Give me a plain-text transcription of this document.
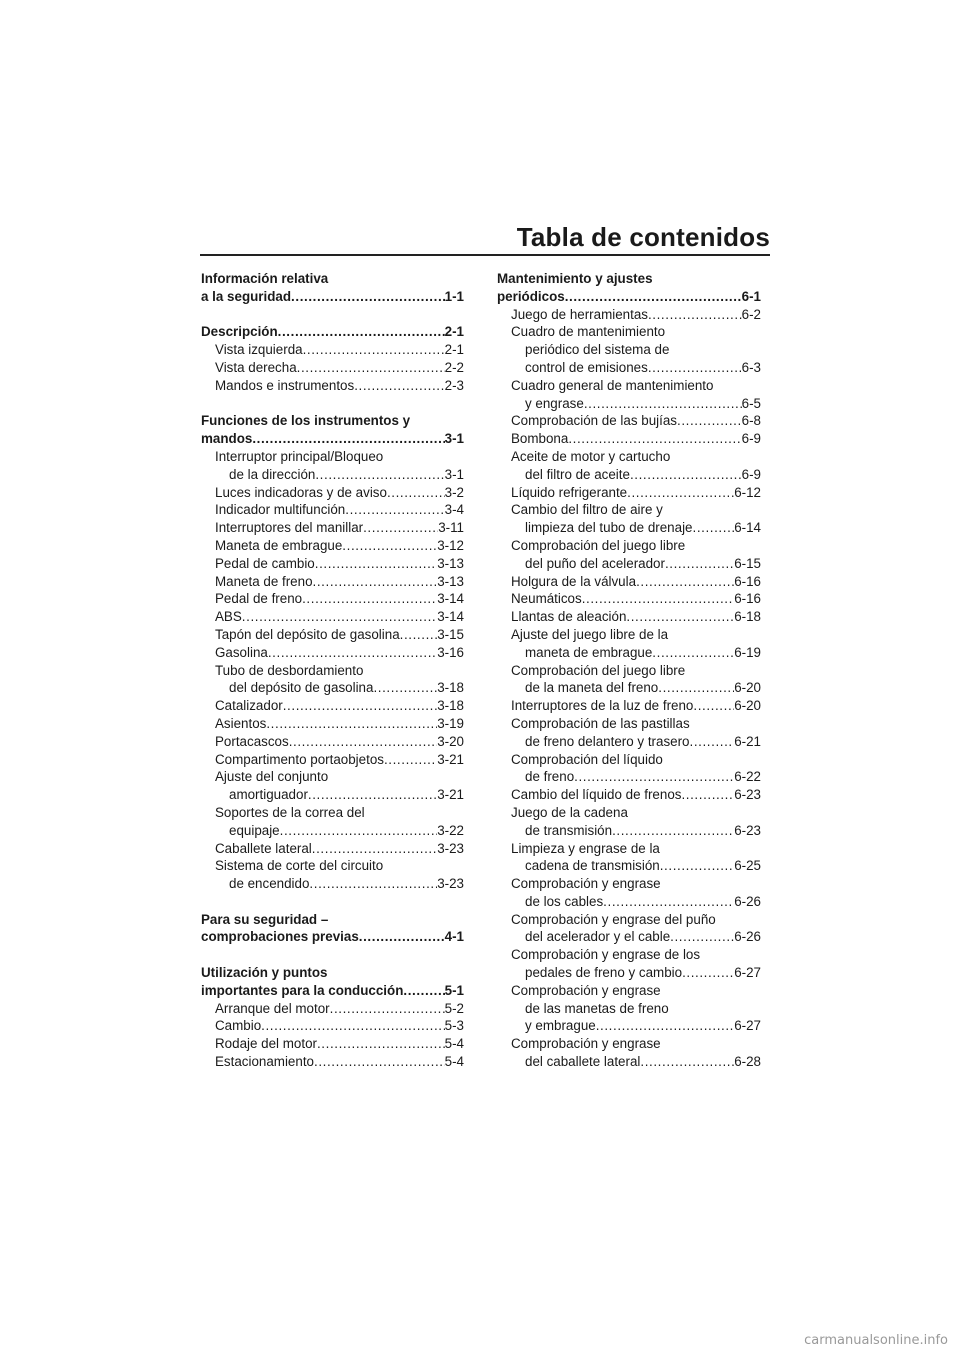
Tabla de contenidos
Información relativa
a la seguridad .....	1-1
Descripción .....	2-1
Vista izquierda .....	2-1
Vista derecha .....	2-2
Mandos e instrumentos .....	2-3
Funciones de los instrumentos y
mandos .....	3-1
Interruptor principal/Bloqueo
de la dirección .....	3-1
Luces indicadoras y de aviso .....	3-2
Indicador multifunción .....	3-4
Interruptores del manillar .....	3-11
Maneta de embrague .....	3-12
Pedal de cambio .....	3-13
Maneta de freno .....	3-13
Pedal de freno .....	3-14
ABS .....	3-14
Tapón del depósito de gasolina .....	3-15
Gasolina .....	3-16
Tubo de desbordamiento
del depósito de gasolina .....	3-18
Catalizador .....	3-18
Asientos .....	3-19
Portacascos .....	3-20
Compartimento portaobjetos .....	3-21
Ajuste del conjunto
amortiguador .....	3-21
Soportes de la correa del
equipaje .....	3-22
Caballete lateral .....	3-23
Sistema de corte del circuito
de encendido .....	3-23
Para su seguridad –
comprobaciones previas .....	4-1
Utilización y puntos
importantes para la conducción .....	5-1
Arranque del motor .....	5-2
Cambio .....	5-3
Rodaje del motor .....	5-4
Estacionamiento .....	5-4
Mantenimiento y ajustes
periódicos .....	6-1
Juego de herramientas .....	6-2
Cuadro de mantenimiento
periódico del sistema de
control de emisiones .....	6-3
Cuadro general de mantenimiento
y engrase .....	6-5
Comprobación de las bujías .....	6-8
Bombona .....	6-9
Aceite de motor y cartucho
del filtro de aceite .....	6-9
Líquido refrigerante .....	6-12
Cambio del filtro de aire y
limpieza del tubo de drenaje .....	6-14
Comprobación del juego libre
del puño del acelerador .....	6-15
Holgura de la válvula .....	6-16
Neumáticos .....	6-16
Llantas de aleación .....	6-18
Ajuste del juego libre de la
maneta de embrague .....	6-19
Comprobación del juego libre
de la maneta del freno .....	6-20
Interruptores de la luz de freno .....	6-20
Comprobación de las pastillas
de freno delantero y trasero .....	6-21
Comprobación del líquido
de freno .....	6-22
Cambio del líquido de frenos .....	6-23
Juego de la cadena
de transmisión .....	6-23
Limpieza y engrase de la
cadena de transmisión .....	6-25
Comprobación y engrase
de los cables .....	6-26
Comprobación y engrase del puño
del acelerador y el cable .....	6-26
Comprobación y engrase de los
pedales de freno y cambio .....	6-27
Comprobación y engrase
de las manetas de freno
y embrague .....	6-27
Comprobación y engrase
del caballete lateral .....	6-28
carmanualsonline.info
